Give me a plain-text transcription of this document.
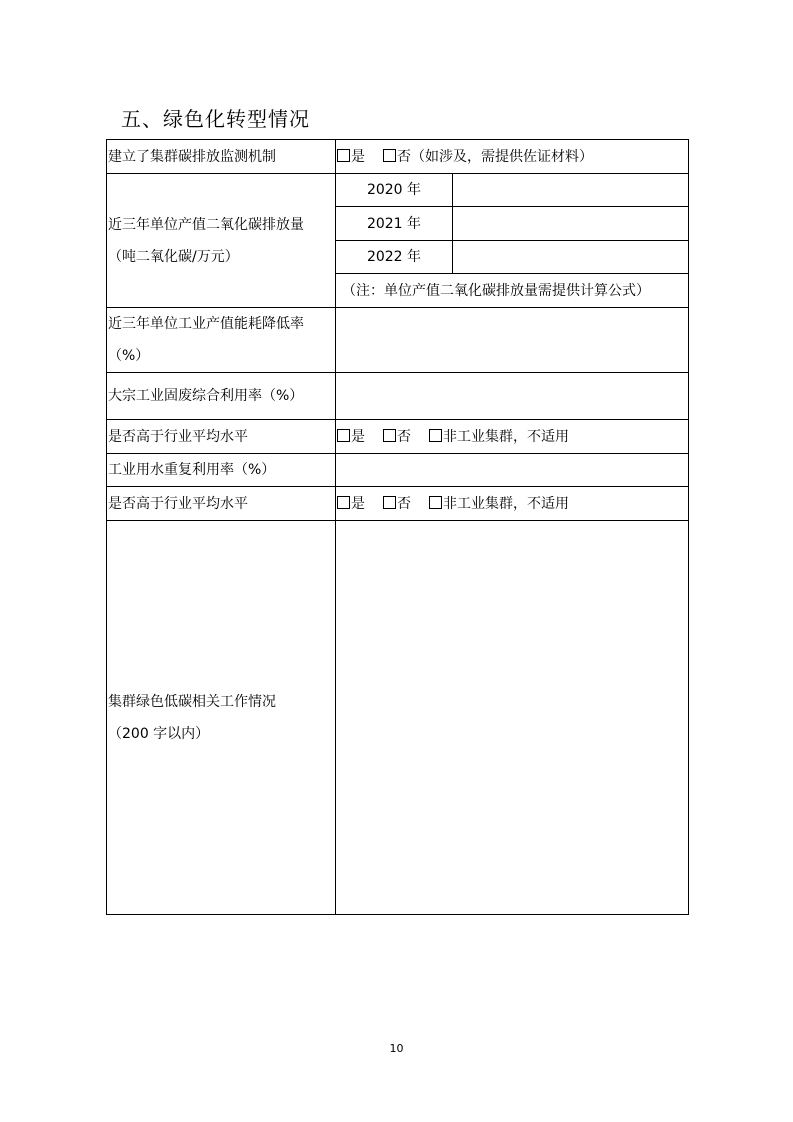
五、绿色化转型情况
建立了集群碳排放监测机制	是 否（如涉及，需提供佐证材料）	

近三年单位产值二氧化碳排放量
（吨二氧化碳/万元）	2020 年	
	2021 年	
	2022 年	
	（注：单位产值二氧化碳排放量需提供计算公式）	

近三年单位工业产值能耗降低率
（%）		

大宗工业固废综合利用率（%）		
是否高于行业平均水平	是 否 非工业集群，不适用	
工业用水重复利用率（%）		
是否高于行业平均水平	是 否 非工业集群，不适用	

集群绿色低碳相关工作情况
（200 字以内）		

10
